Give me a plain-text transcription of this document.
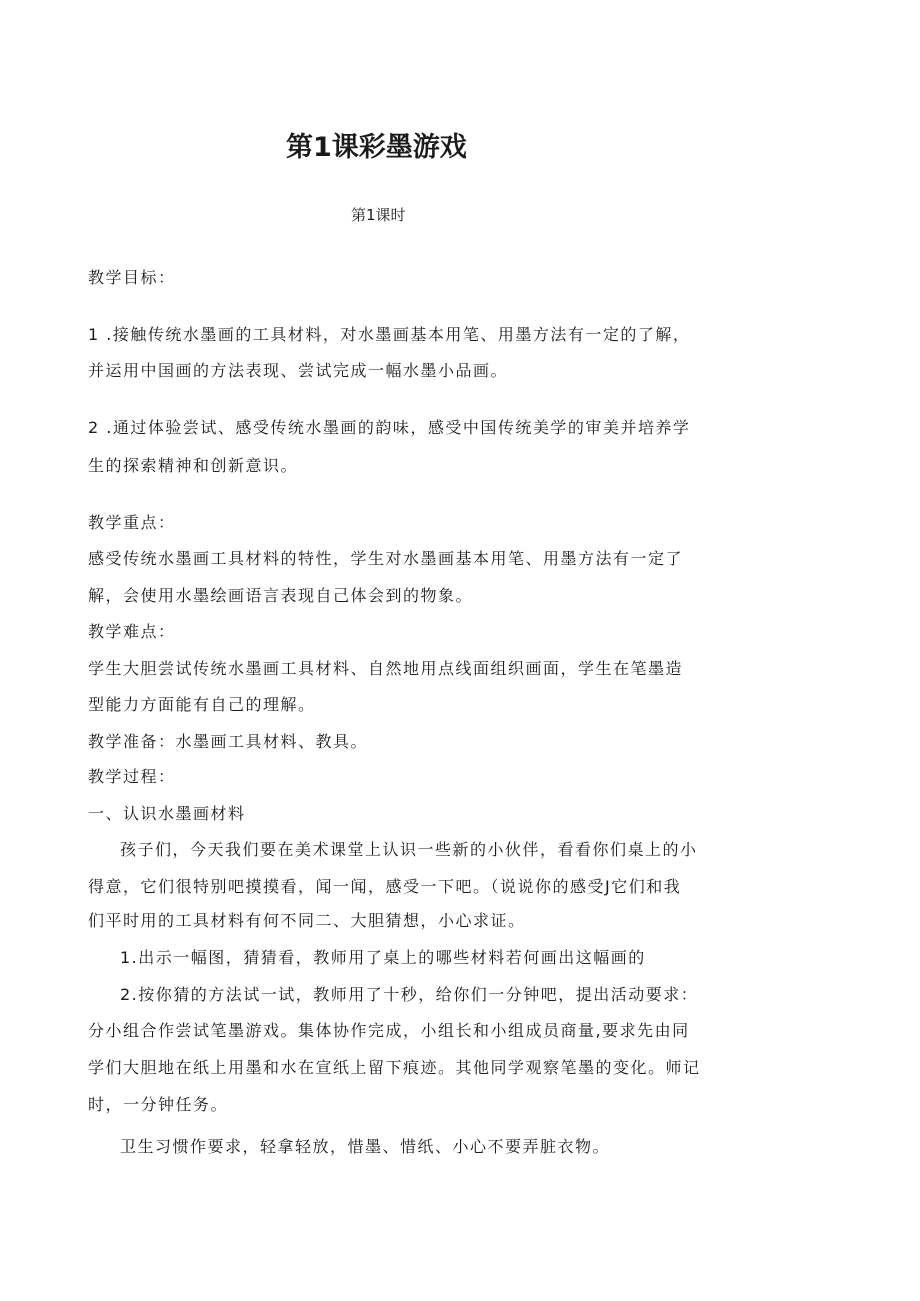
第1课彩墨游戏
第1课时
教学目标：
1 .接触传统水墨画的工具材料，对水墨画基本用笔、用墨方法有一定的了解，
并运用中国画的方法表现、尝试完成一幅水墨小品画。
2 .通过体验尝试、感受传统水墨画的韵味，感受中国传统美学的审美并培养学
生的探索精神和创新意识。
教学重点：
感受传统水墨画工具材料的特性，学生对水墨画基本用笔、用墨方法有一定了
解，会使用水墨绘画语言表现自己体会到的物象。
教学难点：
学生大胆尝试传统水墨画工具材料、自然地用点线面组织画面，学生在笔墨造
型能力方面能有自己的理解。
教学准备：水墨画工具材料、教具。
教学过程：
一、认识水墨画材料
孩子们，今天我们要在美术课堂上认识一些新的小伙伴，看看你们桌上的小
得意，它们很特别吧摸摸看，闻一闻，感受一下吧。（说说你的感受J它们和我
们平时用的工具材料有何不同二、大胆猜想，小心求证。
1.出示一幅图，猜猜看，教师用了桌上的哪些材料若何画出这幅画的
2.按你猜的方法试一试，教师用了十秒，给你们一分钟吧，提出活动要求：
分小组合作尝试笔墨游戏。集体协作完成，小组长和小组成员商量,要求先由同
学们大胆地在纸上用墨和水在宣纸上留下痕迹。其他同学观察笔墨的变化。师记
时，一分钟任务。
卫生习惯作要求，轻拿轻放，惜墨、惜纸、小心不要弄脏衣物。
